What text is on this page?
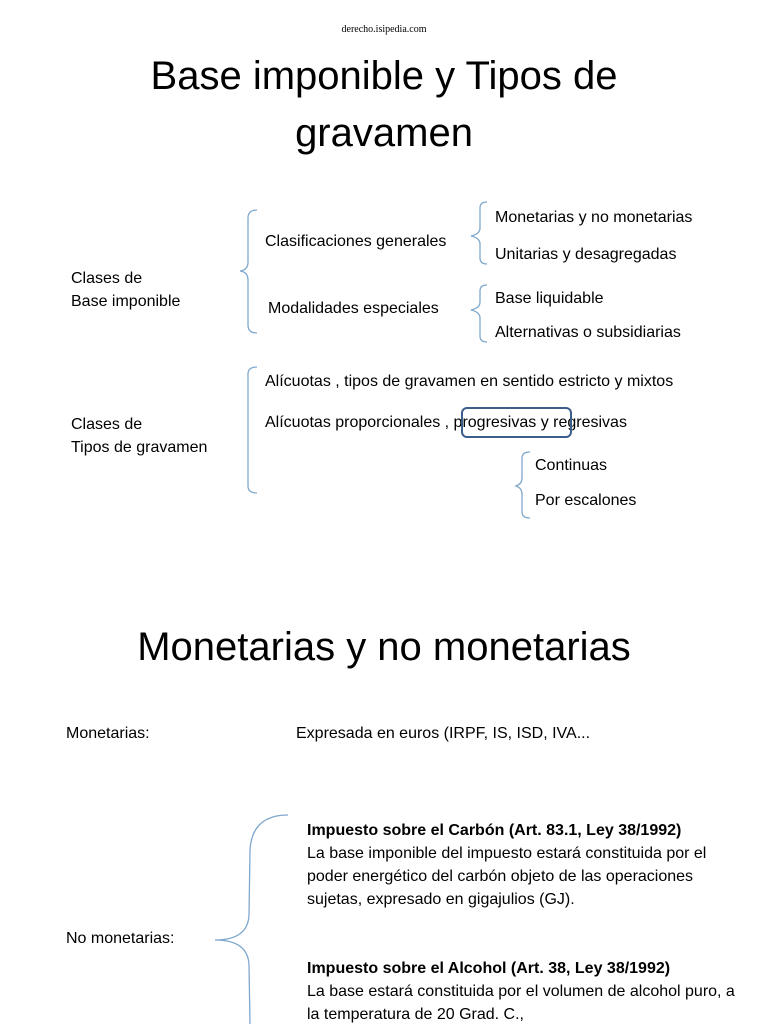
derecho.isipedia.com
Base imponible y Tipos de
gravamen
Clases de
Base imponible
Clasificaciones generales
Monetarias y no monetarias
Unitarias y desagregadas
Modalidades especiales
Base liquidable
Alternativas o subsidiarias
Clases de
Tipos de gravamen
Alícuotas , tipos de gravamen en sentido estricto y mixtos
Alícuotas proporcionales , progresivas y regresivas
Continuas
Por escalones
Monetarias y no monetarias
Monetarias:	Expresada en euros (IRPF, IS, ISD, IVA...
No monetarias:
Impuesto sobre el Carbón (Art. 83.1, Ley 38/1992)
La base imponible del impuesto estará constituida por el poder energético del carbón objeto de las operaciones sujetas, expresado en gigajulios (GJ).
Impuesto sobre el Alcohol (Art. 38, Ley 38/1992)
La base estará constituida por el volumen de alcohol puro, a la temperatura de 20 Grad. C.,
